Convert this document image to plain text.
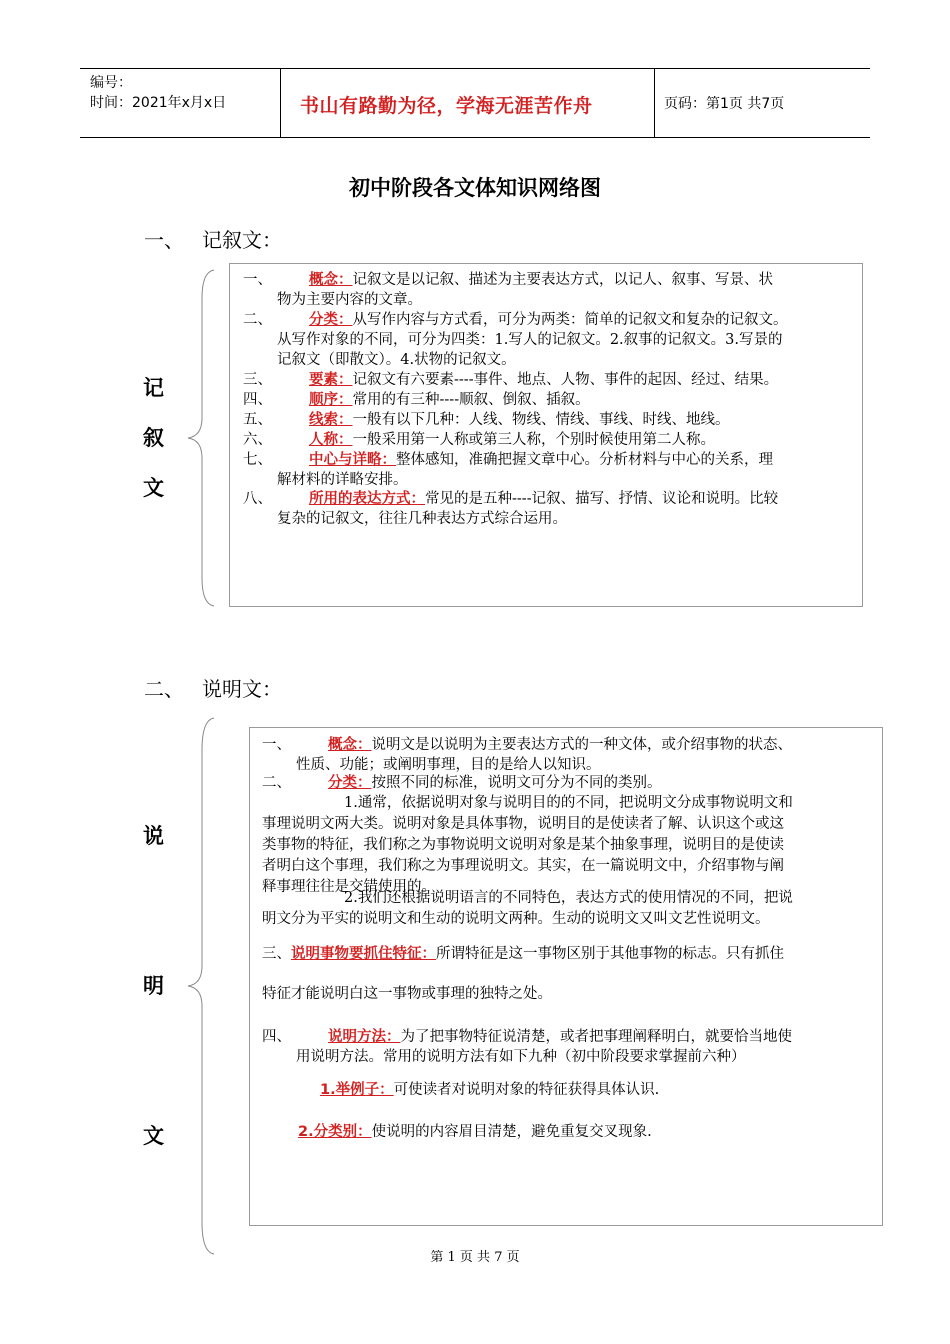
编号：
时间：2021年x月x日	书山有路勤为径，学海无涯苦作舟	页码：第1页 共7页
初中阶段各文体知识网络图
一、 记叙文：
记
叙
文
一、	概念：记叙文是以记叙、描述为主要表达方式，以记人、叙事、写景、状
物为主要内容的文章。
二、	分类：从写作内容与方式看，可分为两类：简单的记叙文和复杂的记叙文。
从写作对象的不同，可分为四类：1.写人的记叙文。2.叙事的记叙文。3.写景的
记叙文（即散文）。4.状物的记叙文。
三、	要素：记叙文有六要素----事件、地点、人物、事件的起因、经过、结果。
四、	顺序：常用的有三种----顺叙、倒叙、插叙。
五、	线索：一般有以下几种：人线、物线、情线、事线、时线、地线。
六、	人称：一般采用第一人称或第三人称，个别时候使用第二人称。
七、	中心与详略：整体感知，准确把握文章中心。分析材料与中心的关系，理
解材料的详略安排。
八、	所用的表达方式：常见的是五种----记叙、描写、抒情、议论和说明。比较
复杂的记叙文，往往几种表达方式综合运用。
二、 说明文：
说
明
文
一、	概念：说明文是以说明为主要表达方式的一种文体，或介绍事物的状态、
性质、功能；或阐明事理，目的是给人以知识。
二、	分类：按照不同的标准，说明文可分为不同的类别。
1.通常，依据说明对象与说明目的的不同，把说明文分成事物说明文和
事理说明文两大类。说明对象是具体事物，说明目的是使读者了解、认识这个或这
类事物的特征，我们称之为事物说明文说明对象是某个抽象事理，说明目的是使读
者明白这个事理，我们称之为事理说明文。其实，在一篇说明文中，介绍事物与阐
释事理往往是交错使用的。
2.我们还根据说明语言的不同特色，表达方式的使用情况的不同，把说
明文分为平实的说明文和生动的说明文两种。生动的说明文又叫文艺性说明文。
三、说明事物要抓住特征：所谓特征是这一事物区别于其他事物的标志。只有抓住
特征才能说明白这一事物或事理的独特之处。
四、	说明方法：为了把事物特征说清楚，或者把事理阐释明白，就要恰当地使
用说明方法。常用的说明方法有如下九种（初中阶段要求掌握前六种）
1.举例子：可使读者对说明对象的特征获得具体认识.
2.分类别：使说明的内容眉目清楚，避免重复交叉现象.
第 1 页 共 7 页
